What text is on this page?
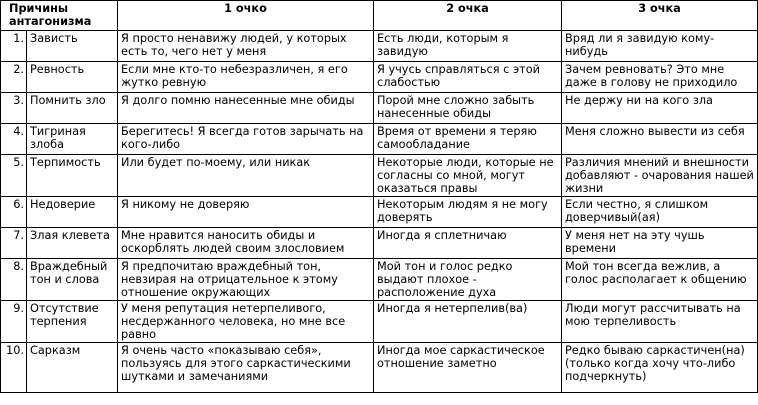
Причины антагонизма		1 очко	2 очка	3 очка
1.	Зависть	Я просто ненавижу людей, у которых есть то, чего нет у меня	Есть люди, которым я завидую	Вряд ли я завидую кому-нибудь
2.	Ревность	Если мне кто-то небезразличен, я его жутко ревную	Я учусь справляться с этой слабостью	Зачем ревновать? Это мне даже в голову не приходило
3.	Помнить зло	Я долго помню нанесенные мне обиды	Порой мне сложно забыть нанесенные обиды	Не держу ни на кого зла
4.	Тигриная злоба	Берегитесь! Я всегда готов зарычать на кого-либо	Время от времени я теряю самообладание	Меня сложно вывести из себя
5.	Терпимость	Или будет по-моему, или никак	Некоторые люди, которые не согласны со мной, могут оказаться правы	Различия мнений и внешности добавляют - очарования нашей жизни
6.	Недоверие	Я никому не доверяю	Некоторым людям я не могу доверять	Если честно, я слишком доверчивый(ая)
7.	Злая клевета	Мне нравится наносить обиды и оскорблять людей своим злословием	Иногда я сплетничаю	У меня нет на эту чушь времени
8.	Враждебный тон и слова	Я предпочитаю враждебный тон, невзирая на отрицательное к этому отношение окружающих	Мой тон и голос редко выдают плохое - расположение духа	Мой тон всегда вежлив, а голос располагает к общению
9.	Отсутствие терпения	У меня репутация нетерпеливого, несдержанного человека, но мне все равно	Иногда я нетерпелив(ва)	Люди могут рассчитывать на мою терпеливость
10.	Сарказм	Я очень часто «показываю себя», пользуясь для этого саркастическими шутками и замечаниями	Иногда мое саркастическое отношение заметно	Редко бываю саркастичен(на) (только когда хочу что-либо подчеркнуть)
